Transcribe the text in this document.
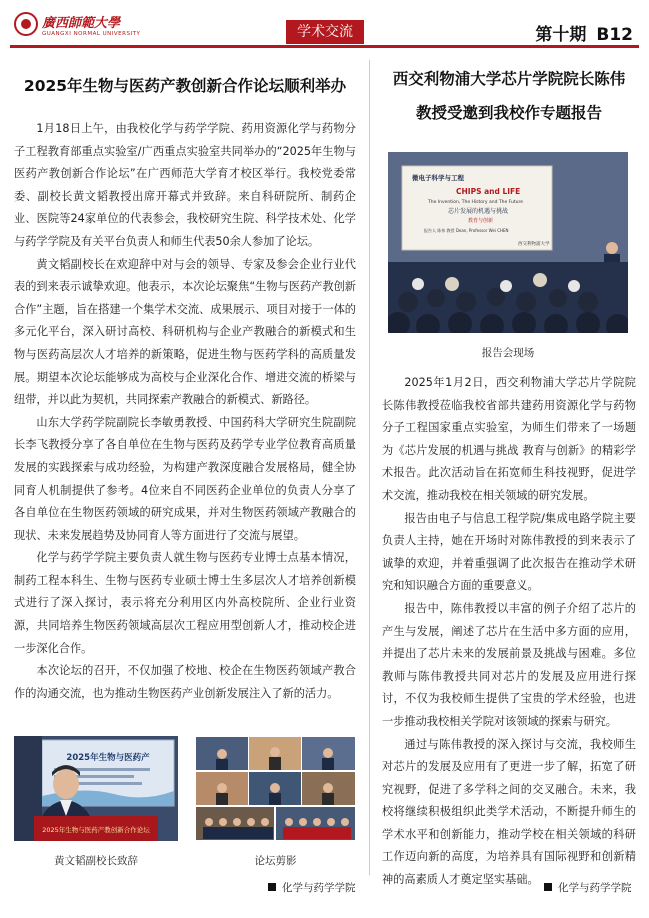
廣西師範大學
GUANGXI NORMAL UNIVERSITY	学术交流	第十期 B12
2025年生物与医药产教创新合作论坛顺利举办

1月18日上午，由我校化学与药学学院、药用资源化学与药物分子工程教育部重点实验室/广西重点实验室共同举办的“2025年生物与医药产教创新合作论坛”在广西师范大学育才校区举行。我校党委常委、副校长黄文韬教授出席开幕式并致辞。来自科研院所、制药企业、医院等24家单位的代表参会，我校研究生院、科学技术处、化学与药学学院及有关平台负责人和师生代表50余人参加了论坛。

黄文韬副校长在欢迎辞中对与会的领导、专家及参会企业行业代表的到来表示诚挚欢迎。他表示，本次论坛聚焦“生物与医药产教创新合作”主题，旨在搭建一个集学术交流、成果展示、项目对接于一体的多元化平台，深入研讨高校、科研机构与企业产教融合的新模式和生物与医药高层次人才培养的新策略，促进生物与医药学科的高质量发展。期望本次论坛能够成为高校与企业深化合作、增进交流的桥梁与纽带，并以此为契机，共同探索产教融合的新模式、新路径。

山东大学药学院副院长李敏勇教授、中国药科大学研究生院副院长李飞教授分享了各自单位在生物与医药及药学专业学位教育高质量发展的实践探索与成功经验，为构建产教深度融合发展格局，健全协同育人机制提供了参考。4位来自不同医药企业单位的负责人分享了各自单位在生物医药领域的研究成果，并对生物医药领域产教融合的现状、未来发展趋势及协同育人等方面进行了交流与展望。

化学与药学学院主要负责人就生物与医药专业博士点基本情况，制药工程本科生、生物与医药专业硕士博士生多层次人才培养创新模式进行了深入探讨，表示将充分利用区内外高校院所、企业行业资源，共同培养生物医药领域高层次工程应用型创新人才，推动校企进一步深化合作。

本次论坛的召开，不仅加强了校地、校企在生物医药领域产教合作的沟通交流，也为推动生物医药产业创新发展注入了新的活力。

2025年生物与医药产
2025年生物与医药产教创新合作论坛
黄文韬副校长致辞	论坛剪影
西交利物浦大学芯片学院院长陈伟
教授受邀到我校作专题报告

2025年1月2日，西交利物浦大学芯片学院院长陈伟教授莅临我校省部共建药用资源化学与药物分子工程国家重点实验室，为师生们带来了一场题为《芯片发展的机遇与挑战 教育与创新》的精彩学术报告。此次活动旨在拓宽师生科技视野，促进学术交流，推动我校在相关领域的研究发展。

报告由电子与信息工程学院/集成电路学院主要负责人主持，她在开场时对陈伟教授的到来表示了诚挚的欢迎，并着重强调了此次报告在推动学术研究和知识融合方面的重要意义。

报告中，陈伟教授以丰富的例子介绍了芯片的产生与发展，阐述了芯片在生活中多方面的应用，并提出了芯片未来的发展前景及挑战与困难。多位教师与陈伟教授共同对芯片的发展及应用进行探讨，不仅为我校师生提供了宝贵的学术经验，也进一步推动我校相关学院对该领域的探索与研究。

通过与陈伟教授的深入探讨与交流，我校师生对芯片的发展及应用有了更进一步了解，拓宽了研究视野，促进了多学科之间的交叉融合。未来，我校将继续积极组织此类学术活动，不断提升师生的学术水平和创新能力，推动学校在相关领域的科研工作迈向新的高度，为培养具有国际视野和创新精神的高素质人才奠定坚实基础。

微电子科学与工程
CHIPS and LIFE
The Invention, The History and The Future
芯片发展的机遇与挑战
教育与创新
报告人 陈伟 教授 Dean, Professor Wei CHEN
西交利物浦大学
报告会现场
化学与药学学院	化学与药学学院
